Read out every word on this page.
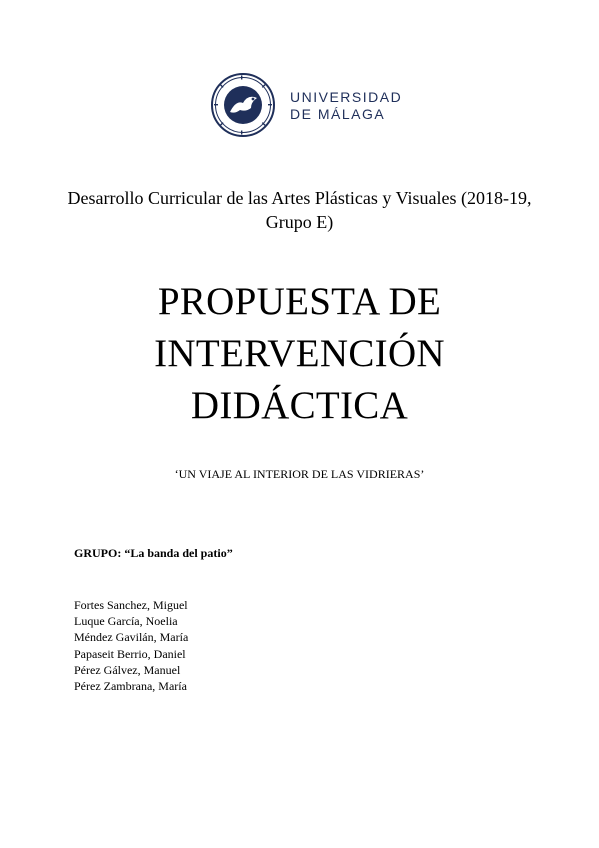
UNIVERSIDAD
DE MÁLAGA
Desarrollo Curricular de las Artes Plásticas y Visuales (2018-19, Grupo E)
PROPUESTA DE
INTERVENCIÓN
DIDÁCTICA
‘UN VIAJE AL INTERIOR DE LAS VIDRIERAS’
GRUPO: “La banda del patio”
Fortes Sanchez, Miguel
Luque García, Noelia
Méndez Gavilán, María
Papaseit Berrio, Daniel
Pérez Gálvez, Manuel
Pérez Zambrana, María
